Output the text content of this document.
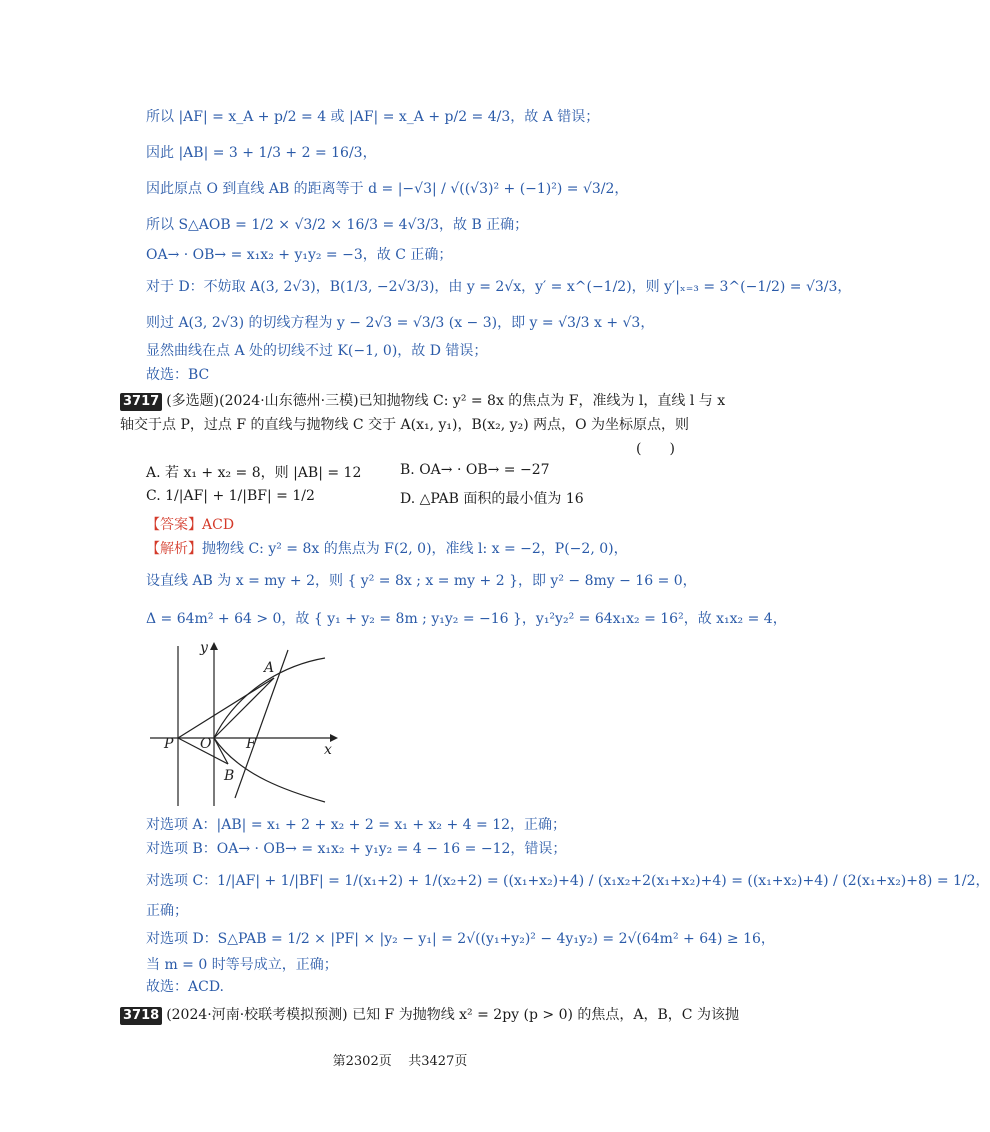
所以 |AF| = x_A + p/2 = 4 或 |AF| = x_A + p/2 = 4/3，故 A 错误；
因此 |AB| = 3 + 1/3 + 2 = 16/3，
因此原点 O 到直线 AB 的距离等于 d = |−√3| / √((√3)² + (−1)²) = √3/2，
所以 S△AOB = 1/2 × √3/2 × 16/3 = 4√3/3，故 B 正确；
OA→ · OB→ = x₁x₂ + y₁y₂ = −3，故 C 正确；
对于 D：不妨取 A(3, 2√3)，B(1/3, −2√3/3)，由 y = 2√x，y′ = x^(−1/2)，则 y′|ₓ₌₃ = 3^(−1/2) = √3/3，
则过 A(3, 2√3) 的切线方程为 y − 2√3 = √3/3 (x − 3)，即 y = √3/3 x + √3，
显然曲线在点 A 处的切线不过 K(−1, 0)，故 D 错误；
故选：BC
3717 (多选题)(2024·山东德州·三模)已知抛物线 C: y² = 8x 的焦点为 F，准线为 l，直线 l 与 x
轴交于点 P，过点 F 的直线与抛物线 C 交于 A(x₁, y₁)，B(x₂, y₂) 两点，O 为坐标原点，则
(　　)
A. 若 x₁ + x₂ = 8，则 |AB| = 12	B. OA→ · OB→ = −27
C. 1/|AF| + 1/|BF| = 1/2	D. △PAB 面积的最小值为 16
【答案】ACD
【解析】抛物线 C: y² = 8x 的焦点为 F(2, 0)，准线 l: x = −2，P(−2, 0)，
设直线 AB 为 x = my + 2，则 { y² = 8x ; x = my + 2 }，即 y² − 8my − 16 = 0，
Δ = 64m² + 64 > 0，故 { y₁ + y₂ = 8m ; y₁y₂ = −16 }，y₁²y₂² = 64x₁x₂ = 16²，故 x₁x₂ = 4，
y
x
A
B
O F
P
对选项 A：|AB| = x₁ + 2 + x₂ + 2 = x₁ + x₂ + 4 = 12，正确；
对选项 B：OA→ · OB→ = x₁x₂ + y₁y₂ = 4 − 16 = −12，错误；
对选项 C：1/|AF| + 1/|BF| = 1/(x₁+2) + 1/(x₂+2) = ((x₁+x₂)+4) / (x₁x₂+2(x₁+x₂)+4) = ((x₁+x₂)+4) / (2(x₁+x₂)+8) = 1/2，
正确；
对选项 D：S△PAB = 1/2 × |PF| × |y₂ − y₁| = 2√((y₁+y₂)² − 4y₁y₂) = 2√(64m² + 64) ≥ 16，
当 m = 0 时等号成立，正确；
故选：ACD.
3718 (2024·河南·校联考模拟预测) 已知 F 为抛物线 x² = 2py (p > 0) 的焦点，A，B，C 为该抛
第2302页 共3427页
